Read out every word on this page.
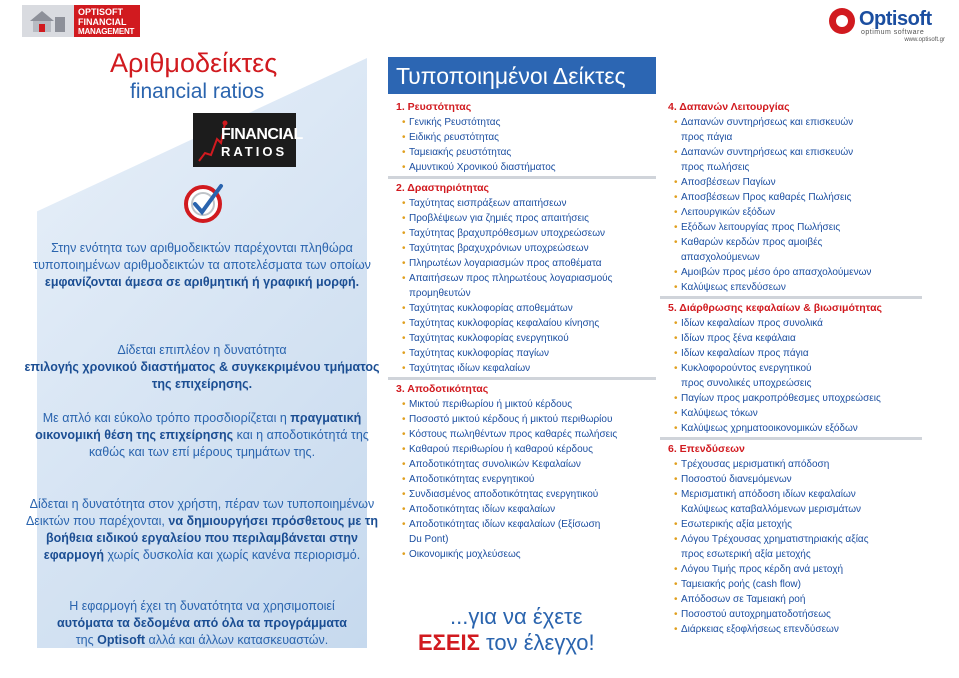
OPTISOFT
FINANCIAL
MANAGEMENT
Optisoft
optimum software
www.optisoft.gr
Αριθμοδείκτες
financial ratios
FINANCIAL
RATIOS
Στην ενότητα των αριθμοδεικτών παρέχονται πληθώρα τυποποιημένων αριθμοδεικτών τα αποτελέσματα των οποίων
εμφανίζονται άμεσα σε αριθμητική ή γραφική μορφή.
Δίδεται επιπλέον η δυνατότητα
επιλογής χρονικού διαστήματος & συγκεκριμένου τμήματος της επιχείρησης.
Με απλό και εύκολο τρόπο προσδιορίζεται η πραγματική οικονομική θέση της επιχείρησης και η αποδοτικότητά της καθώς και των επί μέρους τμημάτων της.
Δίδεται η δυνατότητα στον χρήστη, πέραν των τυποποιημένων Δεικτών που παρέχονται, να δημιουργήσει πρόσθετους με τη βοήθεια ειδικού εργαλείου που περιλαμβάνεται στην εφαρμογή χωρίς δυσκολία και χωρίς κανένα περιορισμό.
Η εφαρμογή έχει τη δυνατότητα να χρησιμοποιεί
αυτόματα τα δεδομένα από όλα τα προγράμματα
της Optisoft αλλά και άλλων κατασκευαστών.
Τυποποιημένοι Δείκτες
1. Ρευστότητας
• Γενικής Ρευστότητας
• Ειδικής ρευστότητας
• Ταμειακής ρευστότητας
• Αμυντικού Χρονικού διαστήματος
2. Δραστηριότητας
• Ταχύτητας εισπράξεων απαιτήσεων
• Προβλέψεων για ζημιές προς απαιτήσεις
• Ταχύτητας βραχυπρόθεσμων υποχρεώσεων
• Ταχύτητας βραχυχρόνιων υποχρεώσεων
• Πληρωτέων λογαριασμών προς αποθέματα
• Απαιτήσεων προς πληρωτέους λογαριασμούς
προμηθευτών
• Ταχύτητας κυκλοφορίας αποθεμάτων
• Ταχύτητας κυκλοφορίας κεφαλαίου κίνησης
• Ταχύτητας κυκλοφορίας ενεργητικού
• Ταχύτητας κυκλοφορίας παγίων
• Ταχύτητας ιδίων κεφαλαίων
3. Αποδοτικότητας
• Μικτού περιθωρίου ή μικτού κέρδους
• Ποσοστό μικτού κέρδους ή μικτού περιθωρίου
• Κόστους πωληθέντων προς καθαρές πωλήσεις
• Καθαρού περιθωρίου ή καθαρού κέρδους
• Αποδοτικότητας συνολικών Κεφαλαίων
• Αποδοτικότητας ενεργητικού
• Συνδιασμένος αποδοτικότητας ενεργητικού
• Αποδοτικότητας ιδίων κεφαλαίων
• Αποδοτικότητας ιδίων κεφαλαίων (Εξίσωση
Du Pont)
• Οικονομικής μοχλεύσεως
...για να έχετε
ΕΣΕΙΣ τον έλεγχο!
4. Δαπανών Λειτουργίας
• Δαπανών συντηρήσεως και επισκευών
προς πάγια
• Δαπανών συντηρήσεως και επισκευών
προς πωλήσεις
• Αποσβέσεων Παγίων
• Αποσβέσεων Προς καθαρές Πωλήσεις
• Λειτουργικών εξόδων
• Εξόδων λειτουργίας προς Πωλήσεις
• Καθαρών κερδών προς αμοιβές
απασχολούμενων
• Αμοιβών προς μέσο όρο απασχολούμενων
• Καλύψεως επενδύσεων
5. Διάρθρωσης κεφαλαίων & βιωσιμότητας
• Ιδίων κεφαλαίων προς συνολικά
• Ιδίων προς ξένα κεφάλαια
• Ιδίων κεφαλαίων προς πάγια
• Κυκλοφορούντος ενεργητικού
προς συνολικές υποχρεώσεις
• Παγίων προς μακροπρόθεσμες υποχρεώσεις
• Καλύψεως τόκων
• Καλύψεως χρηματοοικονομικών εξόδων
6. Επενδύσεων
• Τρέχουσας μερισματική απόδοση
• Ποσοστού διανεμόμενων
• Μερισματική απόδοση ιδίων κεφαλαίων
Καλύψεως καταβαλλόμενων μερισμάτων
• Εσωτερικής αξία μετοχής
• Λόγου Τρέχουσας χρηματιστηριακής αξίας
προς εσωτερική αξία μετοχής
• Λόγου Τιμής προς κέρδη ανά μετοχή
• Ταμειακής ροής (cash flow)
• Απόδοσων σε Ταμειακή ροή
• Ποσοστού αυτοχρηματοδοτήσεως
• Διάρκειας εξοφλήσεως επενδύσεων
